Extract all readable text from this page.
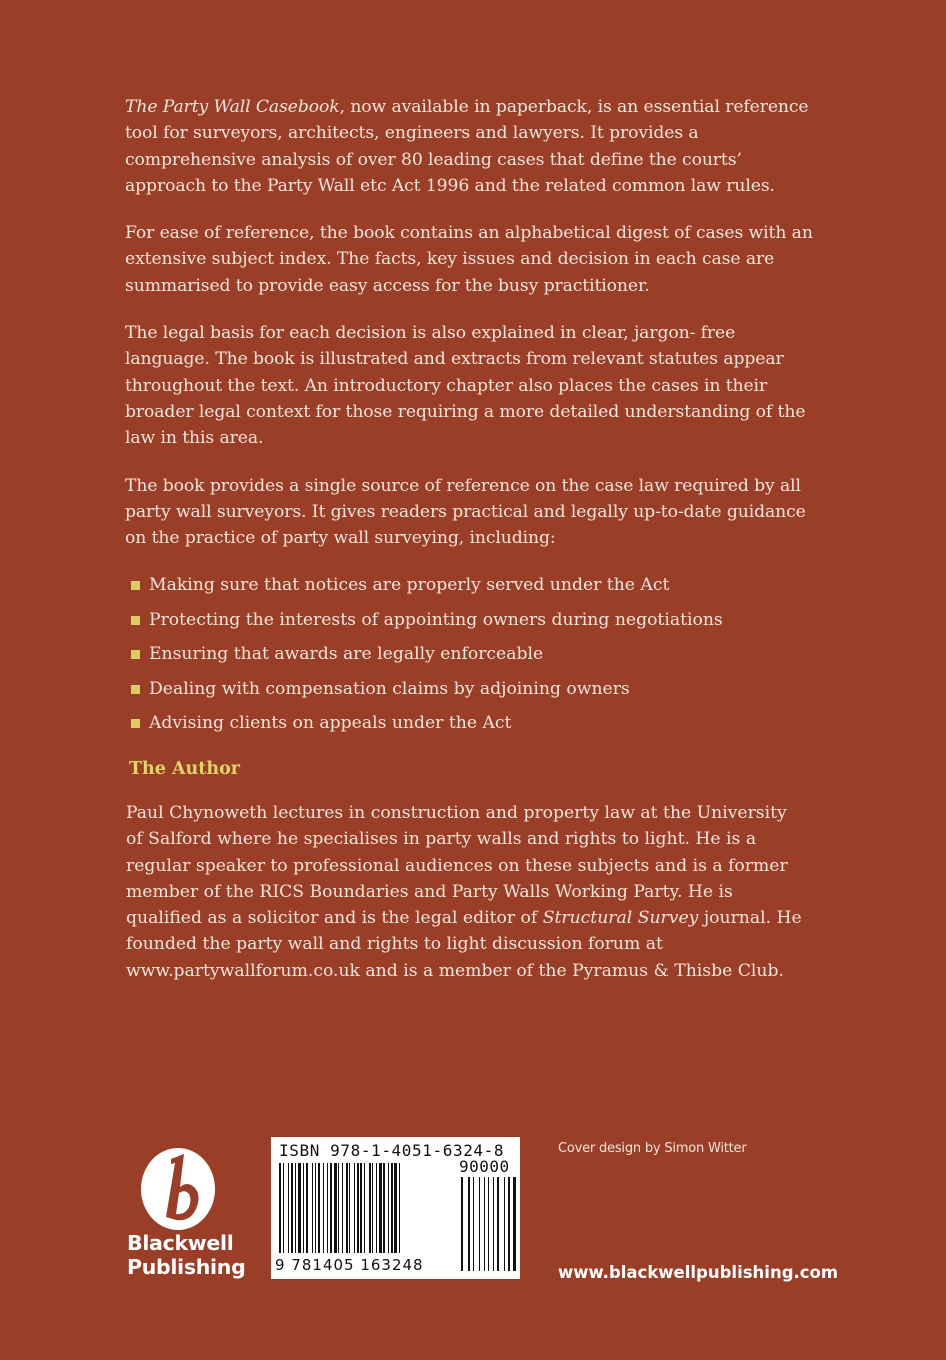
The Party Wall Casebook, now available in paperback, is an essential reference tool for surveyors, architects, engineers and lawyers. It provides a comprehensive analysis of over 80 leading cases that define the courts’ approach to the Party Wall etc Act 1996 and the related common law rules.

For ease of reference, the book contains an alphabetical digest of cases with an extensive subject index. The facts, key issues and decision in each case are summarised to provide easy access for the busy practitioner.

The legal basis for each decision is also explained in clear, jargon- free language. The book is illustrated and extracts from relevant statutes appear throughout the text. An introductory chapter also places the cases in their broader legal context for those requiring a more detailed understanding of the law in this area.

The book provides a single source of reference on the case law required by all party wall surveyors. It gives readers practical and legally up-to-date guidance on the practice of party wall surveying, including:

Making sure that notices are properly served under the Act
Protecting the interests of appointing owners during negotiations
Ensuring that awards are legally enforceable
Dealing with compensation claims by adjoining owners
Advising clients on appeals under the Act
The Author
Paul Chynoweth lectures in construction and property law at the University of Salford where he specialises in party walls and rights to light. He is a regular speaker to professional audiences on these subjects and is a former member of the RICS Boundaries and Party Walls Working Party. He is qualified as a solicitor and is the legal editor of Structural Survey journal. He founded the party wall and rights to light discussion forum at www.partywallforum.co.uk and is a member of the Pyramus & Thisbe Club.
Blackwell
Publishing
ISBN 978-1-4051-6324-8
90000
9 781405 163248
Cover design by Simon Witter
www.blackwellpublishing.com
